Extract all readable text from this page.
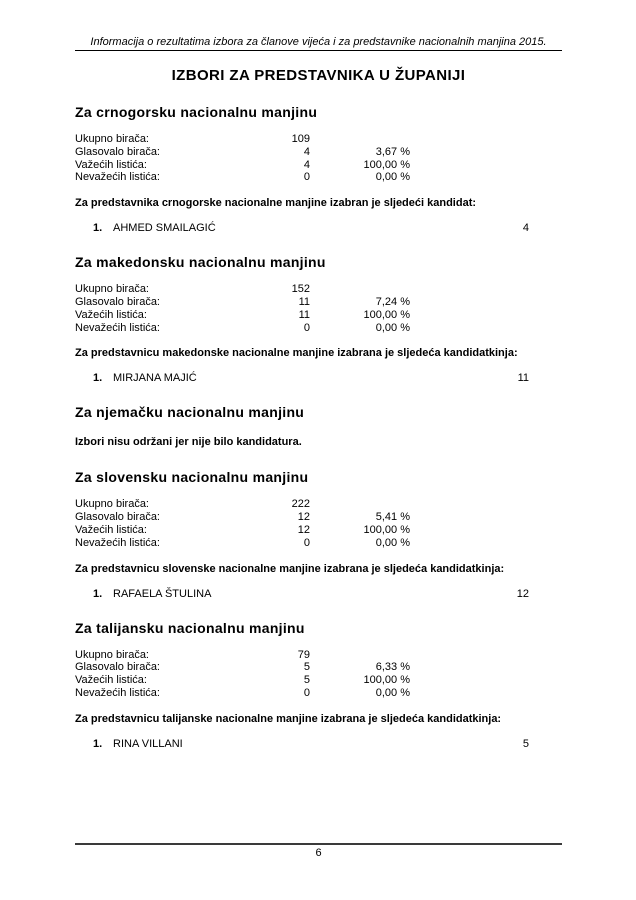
Informacija o rezultatima izbora za članove vijeća i za predstavnike nacionalnih manjina 2015.
IZBORI ZA PREDSTAVNIKA U ŽUPANIJI
Za crnogorsku nacionalnu manjinu
Ukupno birača:	109
Glasovalo birača:	4	3,67 %
Važećih listića:	4	100,00 %
Nevažećih listića:	0	0,00 %

Za predstavnika crnogorske nacionalne manjine izabran je sljedeći kandidat:

1. AHMED SMAILAGIĆ	4
Za makedonsku nacionalnu manjinu
Ukupno birača:	152
Glasovalo birača:	11	7,24 %
Važećih listića:	11	100,00 %
Nevažećih listića:	0	0,00 %

Za predstavnicu makedonske nacionalne manjine izabrana je sljedeća kandidatkinja:

1. MIRJANA MAJIĆ	11
Za njemačku nacionalnu manjinu

Izbori nisu održani jer nije bilo kandidatura.

Za slovensku nacionalnu manjinu
Ukupno birača:	222
Glasovalo birača:	12	5,41 %
Važećih listića:	12	100,00 %
Nevažećih listića:	0	0,00 %

Za predstavnicu slovenske nacionalne manjine izabrana je sljedeća kandidatkinja:

1. RAFAELA ŠTULINA	12
Za talijansku nacionalnu manjinu
Ukupno birača:	79
Glasovalo birača:	5	6,33 %
Važećih listića:	5	100,00 %
Nevažećih listića:	0	0,00 %

Za predstavnicu talijanske nacionalne manjine izabrana je sljedeća kandidatkinja:

1. RINA VILLANI	5
6
